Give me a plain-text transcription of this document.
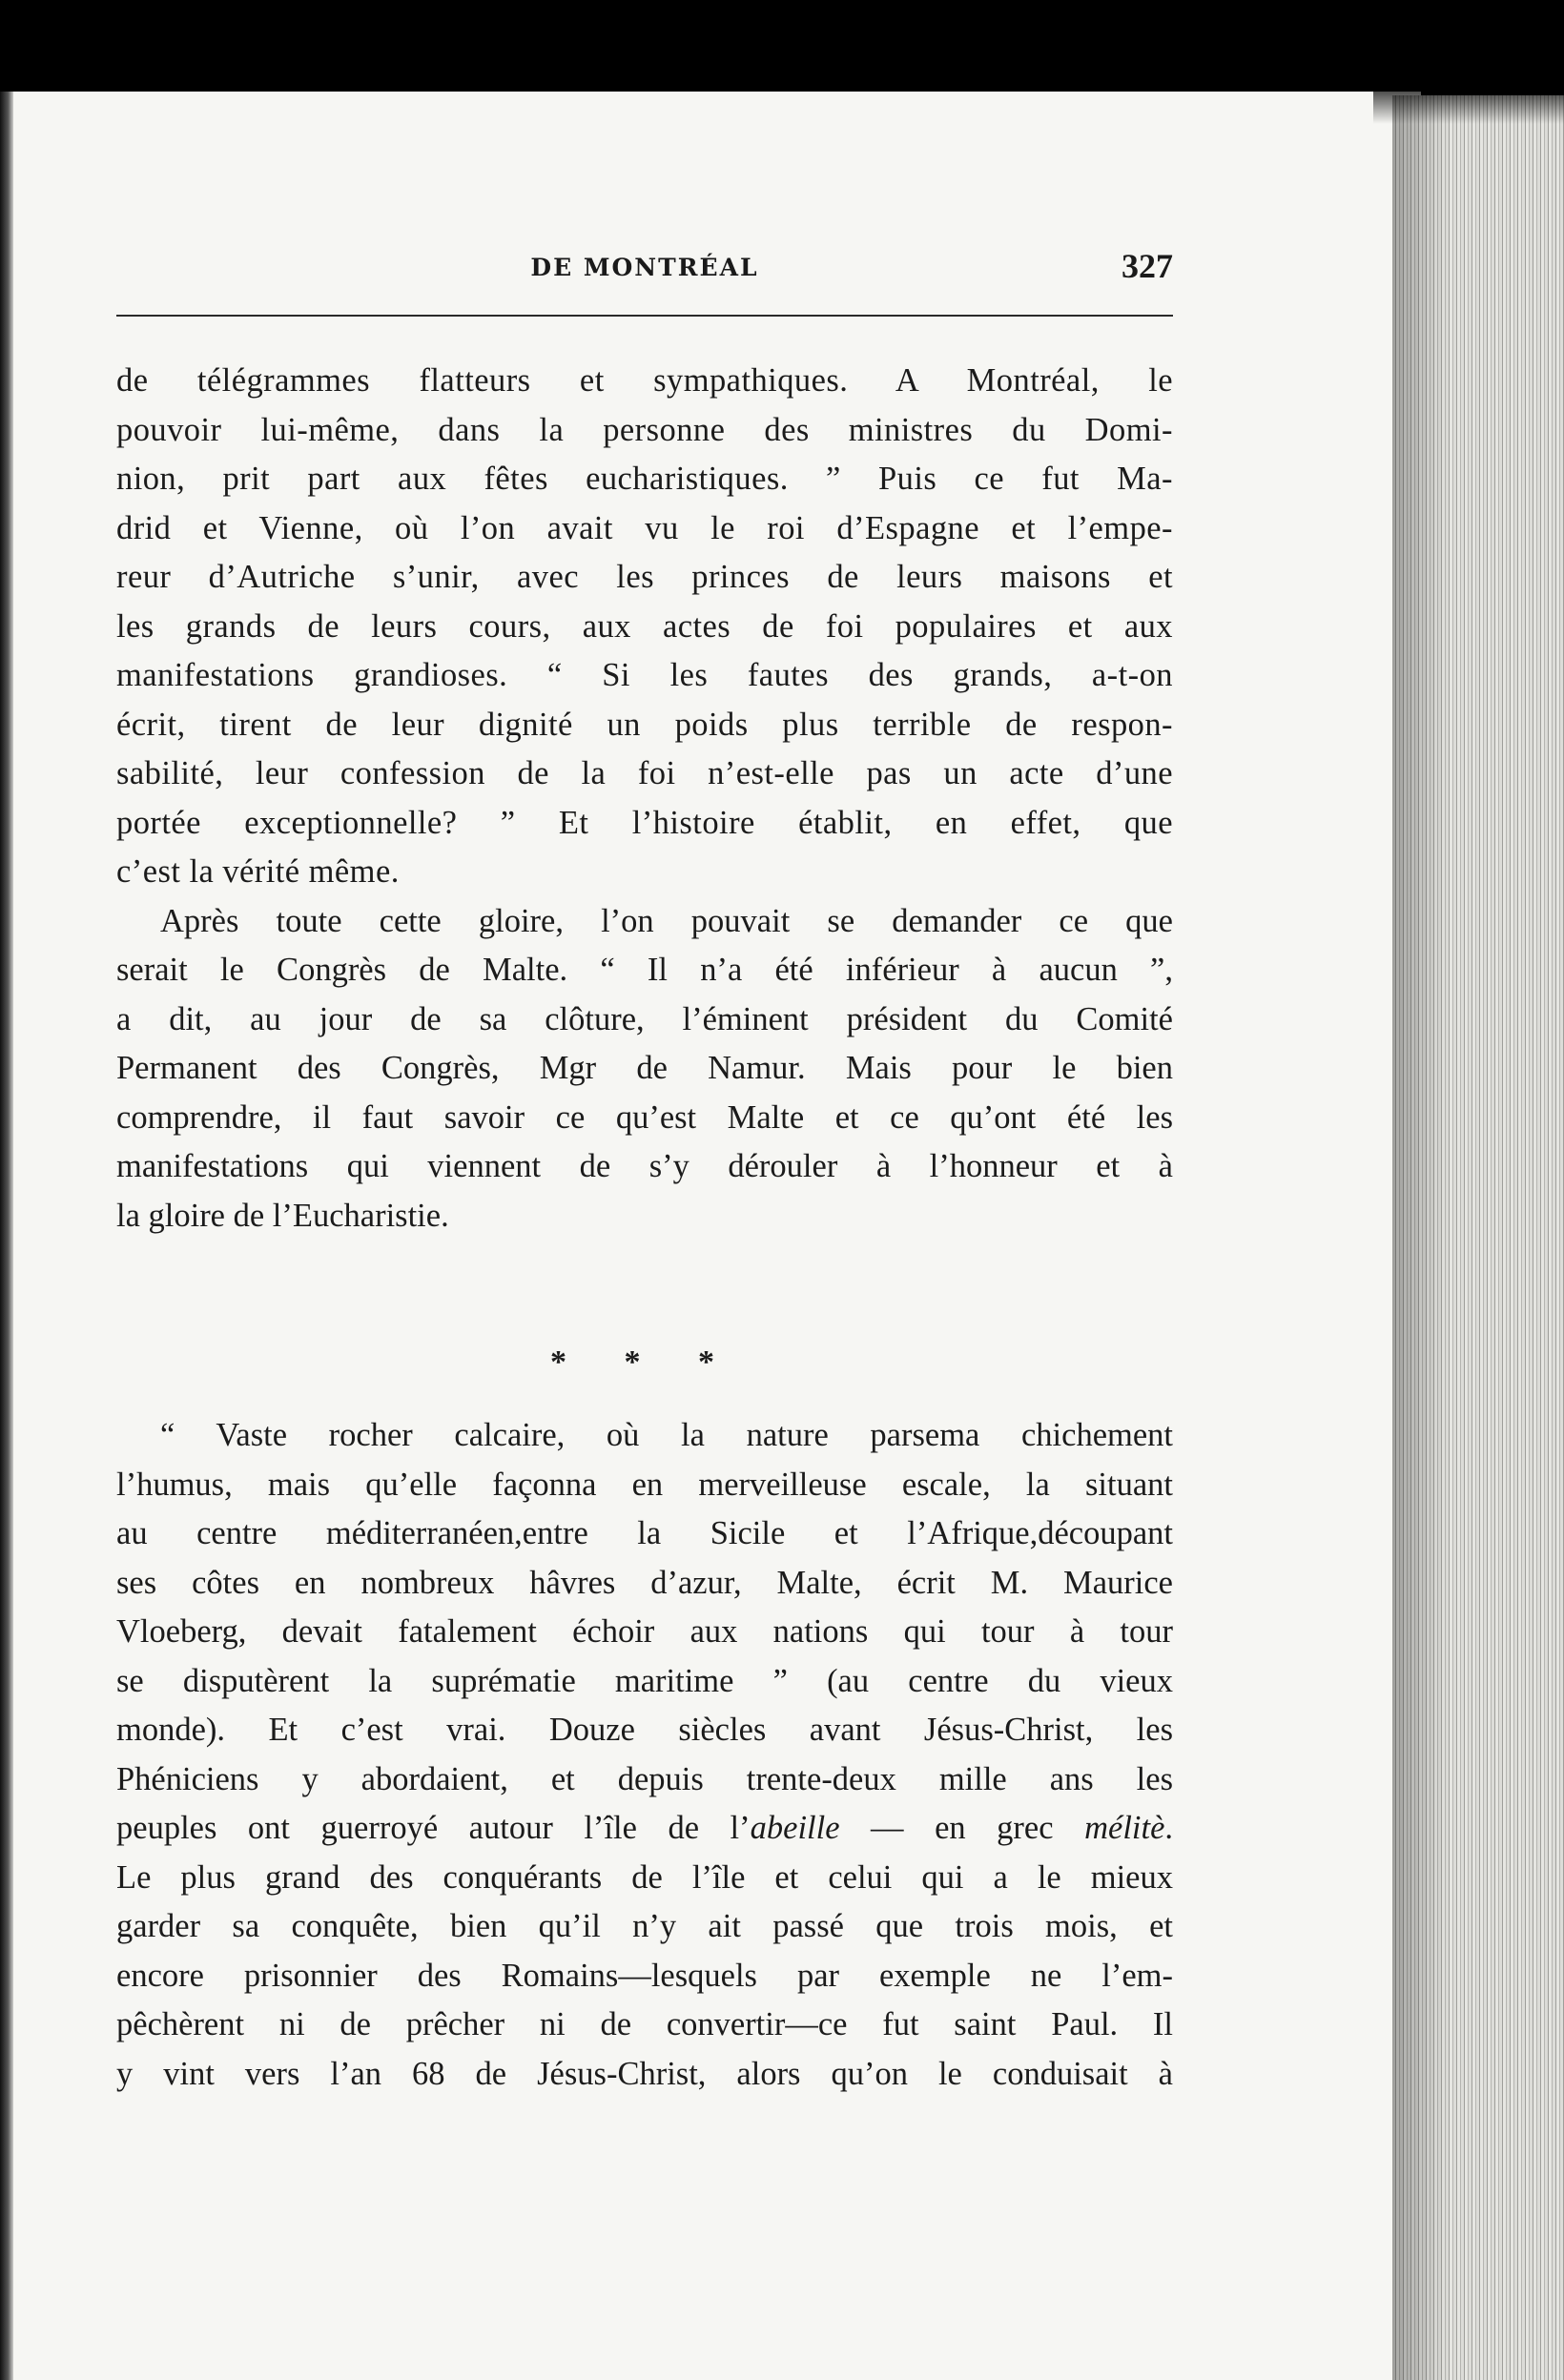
DE MONTRÉAL	327
de télégrammes flatteurs et sympathiques. A Montréal, le
pouvoir lui-même, dans la personne des ministres du Domi-
nion, prit part aux fêtes eucharistiques. ” Puis ce fut Ma-
drid et Vienne, où l’on avait vu le roi d’Espagne et l’empe-
reur d’Autriche s’unir, avec les princes de leurs maisons et
les grands de leurs cours, aux actes de foi populaires et aux
manifestations grandioses. “ Si les fautes des grands, a-t-on
écrit, tirent de leur dignité un poids plus terrible de respon-
sabilité, leur confession de la foi n’est-elle pas un acte d’une
portée exceptionnelle? ” Et l’histoire établit, en effet, que
c’est la vérité même.
Après toute cette gloire, l’on pouvait se demander ce que
serait le Congrès de Malte. “ Il n’a été inférieur à aucun ”,
a dit, au jour de sa clôture, l’éminent président du Comité
Permanent des Congrès, Mgr de Namur. Mais pour le bien
comprendre, il faut savoir ce qu’est Malte et ce qu’ont été les
manifestations qui viennent de s’y dérouler à l’honneur et à
la gloire de l’Eucharistie.
* * *
“ Vaste rocher calcaire, où la nature parsema chichement
l’humus, mais qu’elle façonna en merveilleuse escale, la situant
au centre méditerranéen,entre la Sicile et l’Afrique,découpant
ses côtes en nombreux hâvres d’azur, Malte, écrit M. Maurice
Vloeberg, devait fatalement échoir aux nations qui tour à tour
se disputèrent la suprématie maritime ” (au centre du vieux
monde). Et c’est vrai. Douze siècles avant Jésus-Christ, les
Phéniciens y abordaient, et depuis trente-deux mille ans les
peuples ont guerroyé autour l’île de l’abeille — en grec mélitè.
Le plus grand des conquérants de l’île et celui qui a le mieux
garder sa conquête, bien qu’il n’y ait passé que trois mois, et
encore prisonnier des Romains—lesquels par exemple ne l’em-
pêchèrent ni de prêcher ni de convertir—ce fut saint Paul. Il
y vint vers l’an 68 de Jésus-Christ, alors qu’on le conduisait à
